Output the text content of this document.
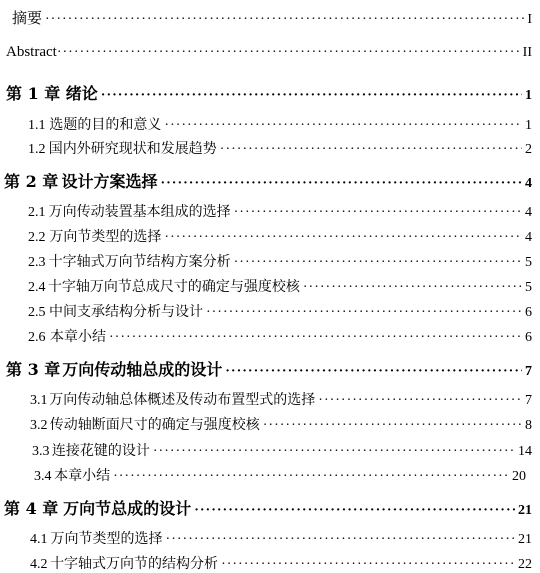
摘要 ·····	I
Abstract ·····	II
第 1 章 绪论 ·····	1
1.1 选题的目的和意义 ·····	1
1.2 国内外研究现状和发展趋势 ·····	2
第 2 章 设计方案选择 ·····	4
2.1 万向传动装置基本组成的选择 ·····	4
2.2 万向节类型的选择 ·····	4
2.3 十字轴式万向节结构方案分析 ·····	5
2.4 十字轴万向节总成尺寸的确定与强度校核 ·····	5
2.5 中间支承结构分析与设计 ·····	6
2.6 本章小结 ·····	6
第 3 章 万向传动轴总成的设计 ·····	7
3.1 万向传动轴总体概述及传动布置型式的选择 ·····	7
3.2 传动轴断面尺寸的确定与强度校核 ·····	8
3.3 连接花键的设计 ·····	14
3.4 本章小结 ·····	20
第 4 章 万向节总成的设计 ·····	21
4.1 万向节类型的选择 ·····	21
4.2 十字轴式万向节的结构分析 ·····	22
